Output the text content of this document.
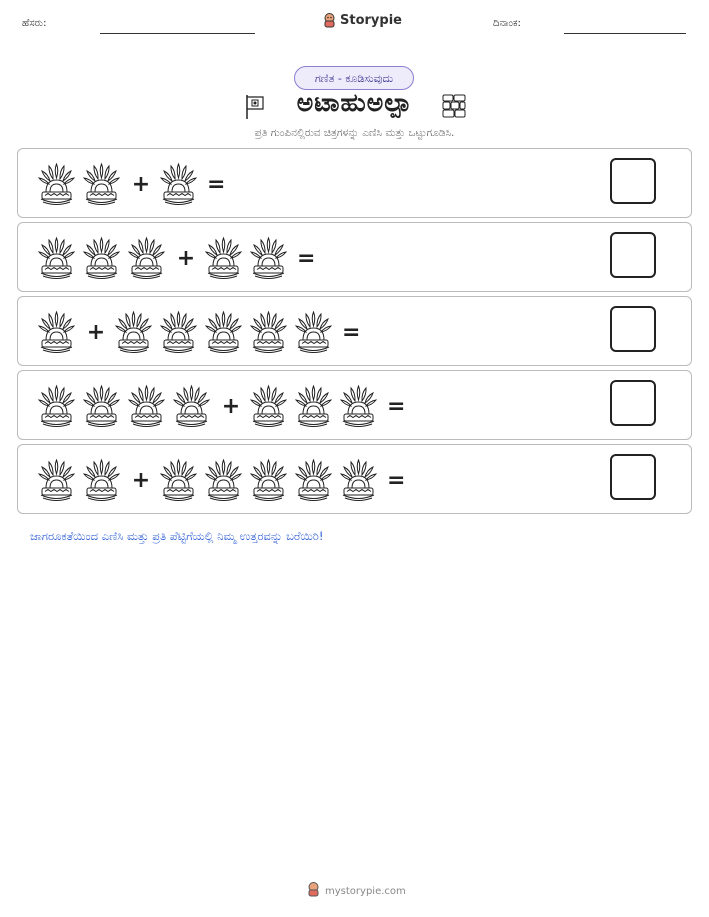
ಹೆಸರು:	Storypie	ದಿನಾಂಕ:
ಗಣಿತ - ಕೂಡಿಸುವುದು
ಅಟಾಹುಅಲ್ಪಾ
ಪ್ರತಿ ಗುಂಪಿನಲ್ಲಿರುವ ಚಿತ್ರಗಳನ್ನು ಎಣಿಸಿ ಮತ್ತು ಒಟ್ಟುಗೂಡಿಸಿ.
+	=
+	=
+	=
+	=
+	=
ಜಾಗರೂಕತೆಯಿಂದ ಎಣಿಸಿ ಮತ್ತು ಪ್ರತಿ ಪೆಟ್ಟಿಗೆಯಲ್ಲಿ ನಿಮ್ಮ ಉತ್ತರವನ್ನು ಬರೆಯಿರಿ!
mystorypie.com
